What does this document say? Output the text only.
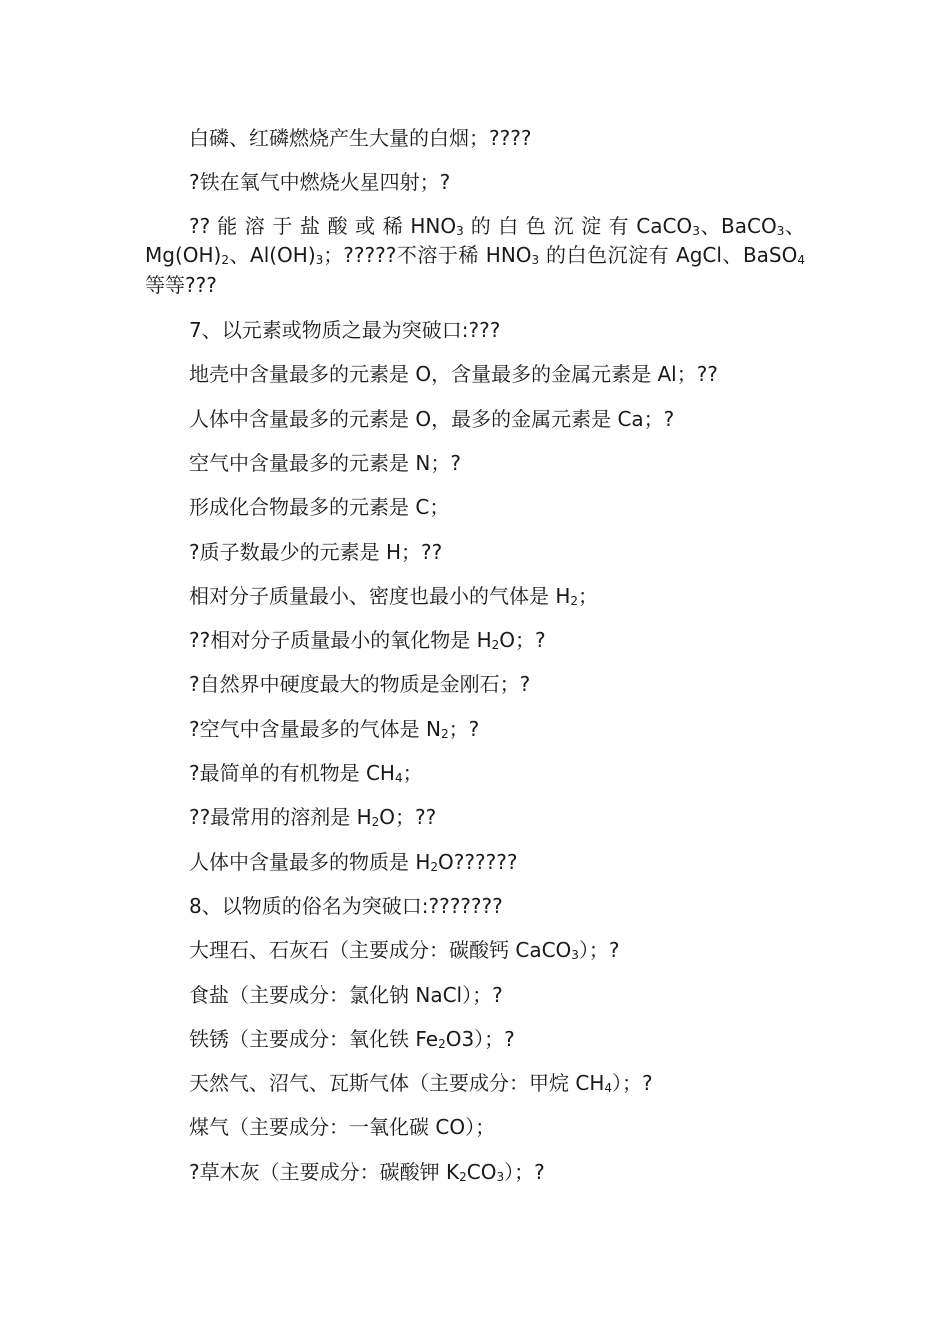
白磷、红磷燃烧产生大量的白烟；????
?铁在氧气中燃烧火星四射；?
?? 能 溶 于 盐 酸 或 稀 $HNO_3$ 的 白 色 沉 淀 有 CaCO$_3$、BaCO$_3$、$Mg(OH)_2$、$Al(OH)_3$；?????不溶于稀 $HNO_3$ 的白色沉淀有 AgCl、BaSO$_4$等等???
7、以元素或物质之最为突破口:???
地壳中含量最多的元素是 O，含量最多的金属元素是 Al；??
人体中含量最多的元素是 O，最多的金属元素是 Ca；?
空气中含量最多的元素是 N；?
形成化合物最多的元素是 C；
?质子数最少的元素是 H；??
相对分子质量最小、密度也最小的气体是 $H_2$；
??相对分子质量最小的氧化物是 $H_2O$；?
?自然界中硬度最大的物质是金刚石；?
?空气中含量最多的气体是 $N_2$；?
?最简单的有机物是 $CH_4$；
??最常用的溶剂是 $H_2O$；??
人体中含量最多的物质是 $H_2O$??????
8、以物质的俗名为突破口:???????
大理石、石灰石（主要成分：碳酸钙 CaCO$_3$）；?
食盐（主要成分：氯化钠 NaCl）；?
铁锈（主要成分：氧化铁 $Fe_2O3$）；?
天然气、沼气、瓦斯气体（主要成分：甲烷 $CH_4$）；?
煤气（主要成分：一氧化碳 CO）；
?草木灰（主要成分：碳酸钾 $K_2CO_3$）；?
